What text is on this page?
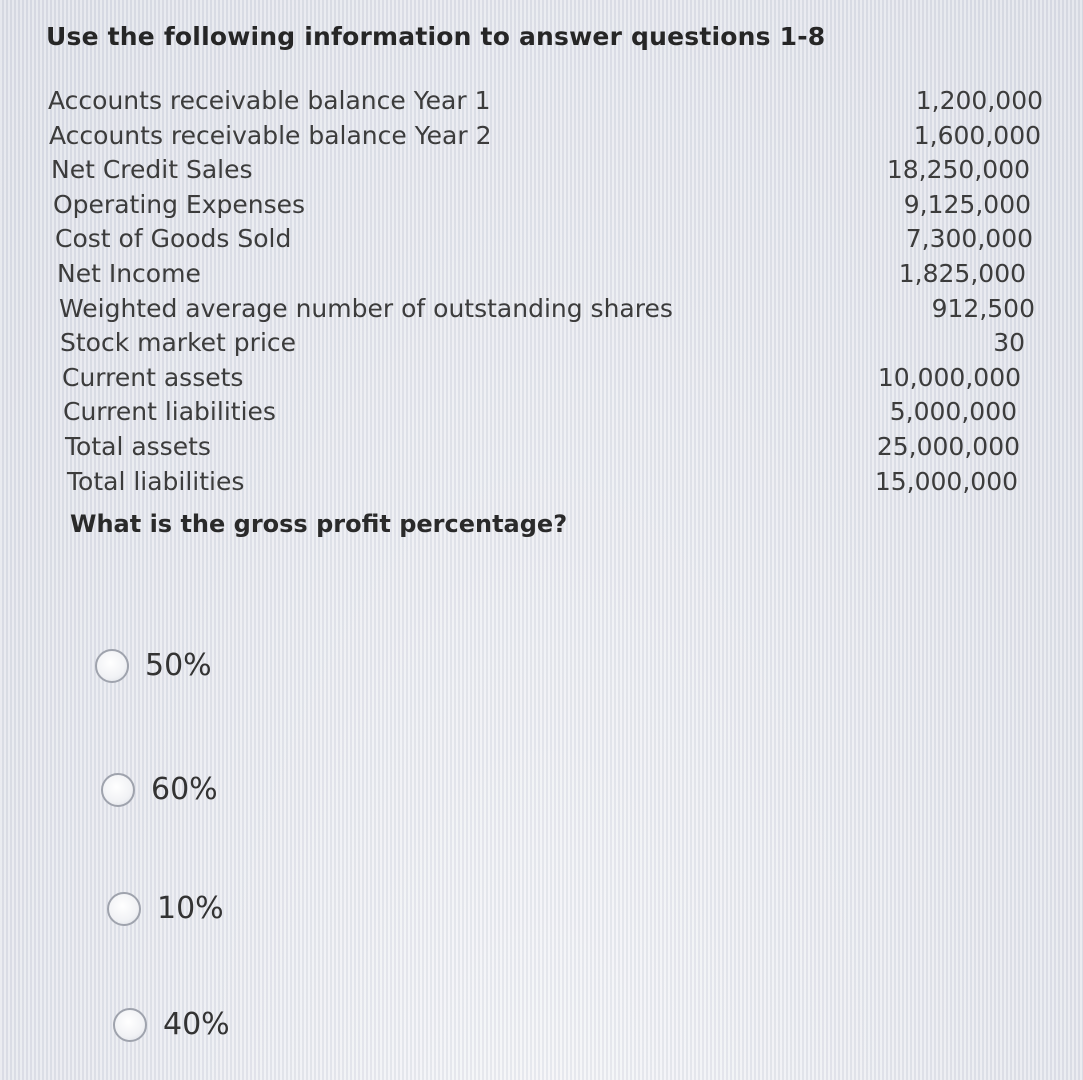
Use the following information to answer questions 1-8
Accounts receivable balance Year 1	1,200,000
Accounts receivable balance Year 2	1,600,000
Net Credit Sales	18,250,000
Operating Expenses	9,125,000
Cost of Goods Sold	7,300,000
Net Income	1,825,000
Weighted average number of outstanding shares	912,500
Stock market price	30
Current assets	10,000,000
Current liabilities	5,000,000
Total assets	25,000,000
Total liabilities	15,000,000
What is the gross profit percentage?
50%
60%
10%
40%
